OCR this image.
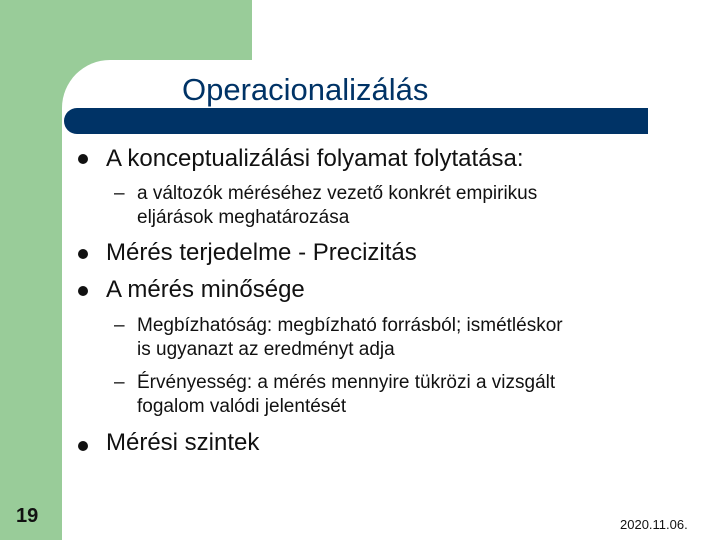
Operacionalizálás
A konceptualizálási folyamat folytatása:
– a változók méréséhez vezető konkrét empirikus
eljárások meghatározása
Mérés terjedelme - Precizitás
A mérés minősége
– Megbízhatóság: megbízható forrásból; ismétléskor
is ugyanazt az eredményt adja
– Érvényesség: a mérés mennyire tükrözi a vizsgált
fogalom valódi jelentését
Mérési szintek
19	2020.11.06.
